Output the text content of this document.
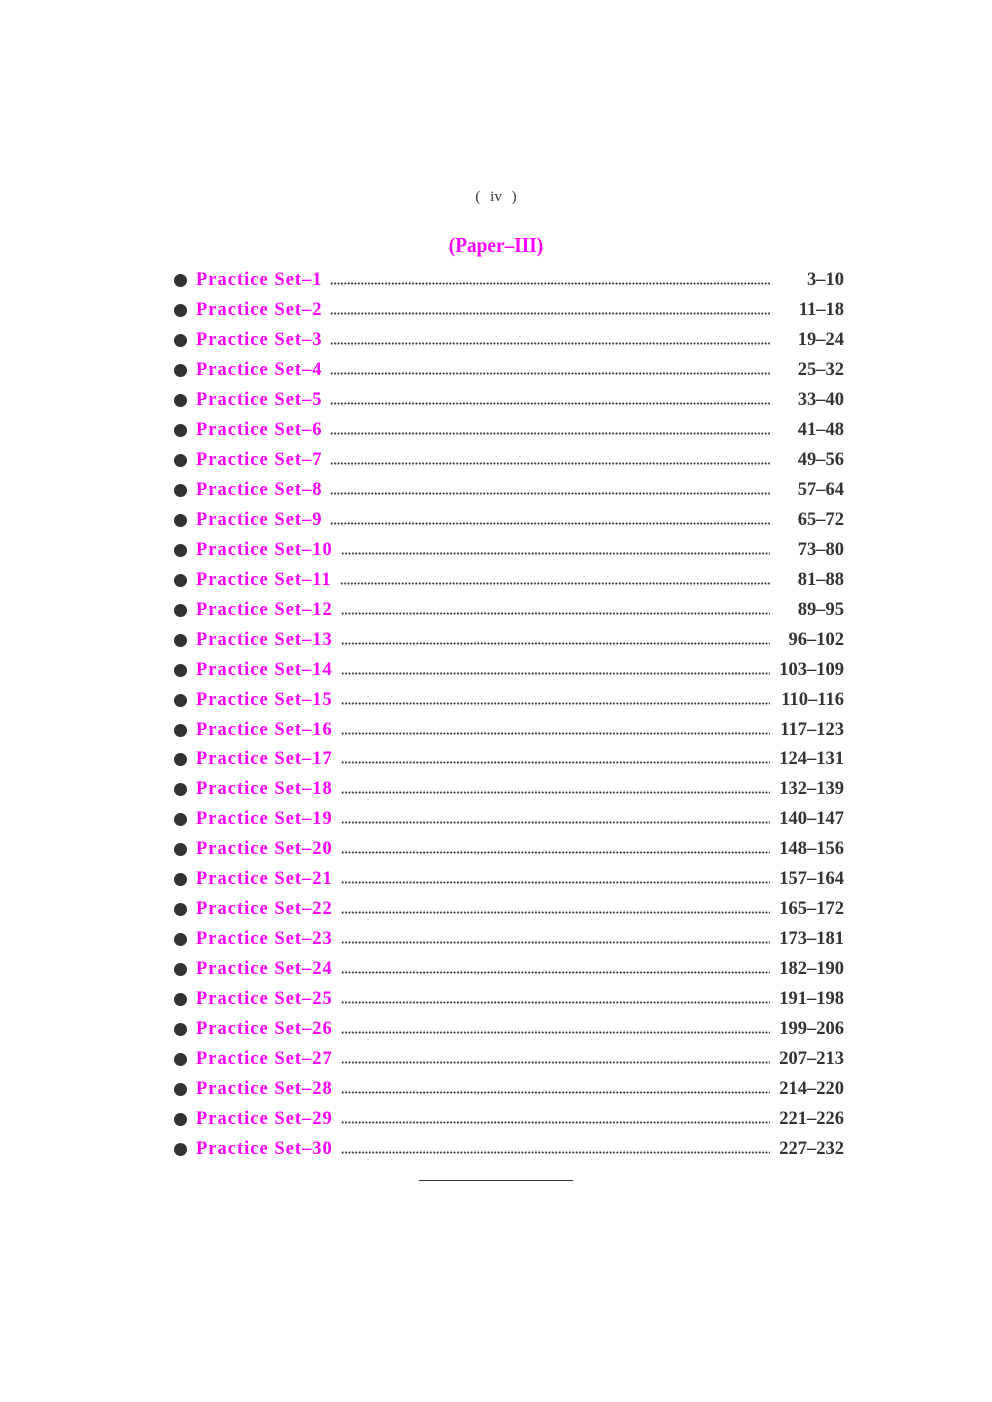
( iv )
(Paper–III)
Practice Set–1	3–10
Practice Set–2	11–18
Practice Set–3	19–24
Practice Set–4	25–32
Practice Set–5	33–40
Practice Set–6	41–48
Practice Set–7	49–56
Practice Set–8	57–64
Practice Set–9	65–72
Practice Set–10	73–80
Practice Set–11	81–88
Practice Set–12	89–95
Practice Set–13	96–102
Practice Set–14	103–109
Practice Set–15	110–116
Practice Set–16	117–123
Practice Set–17	124–131
Practice Set–18	132–139
Practice Set–19	140–147
Practice Set–20	148–156
Practice Set–21	157–164
Practice Set–22	165–172
Practice Set–23	173–181
Practice Set–24	182–190
Practice Set–25	191–198
Practice Set–26	199–206
Practice Set–27	207–213
Practice Set–28	214–220
Practice Set–29	221–226
Practice Set–30	227–232
